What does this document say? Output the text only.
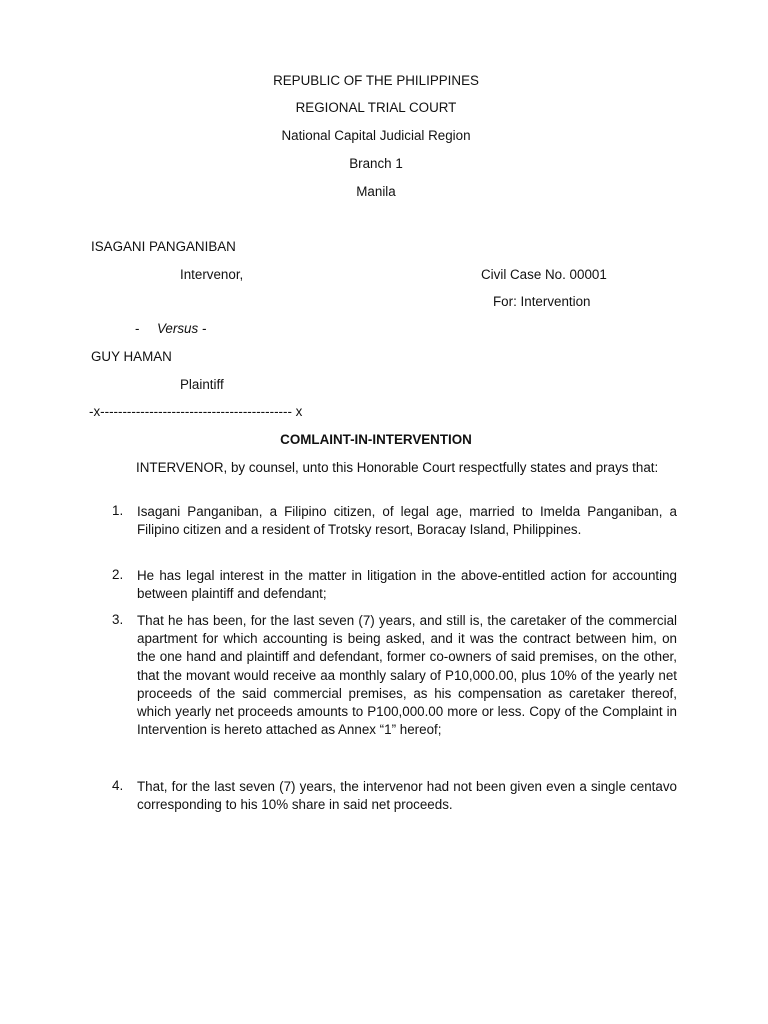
REPUBLIC OF THE PHILIPPINES
REGIONAL TRIAL COURT
National Capital Judicial Region
Branch 1
Manila
ISAGANI PANGANIBAN
Intervenor,	Civil Case No. 00001
For: Intervention
- Versus -
GUY HAMAN
Plaintiff
-x------------------------------------------- x
COMLAINT-IN-INTERVENTION
INTERVENOR, by counsel, unto this Honorable Court respectfully states and prays that:
1. Isagani Panganiban, a Filipino citizen, of legal age, married to Imelda Panganiban, a Filipino citizen and a resident of Trotsky resort, Boracay Island, Philippines.
2. He has legal interest in the matter in litigation in the above-entitled action for accounting between plaintiff and defendant;
3. That he has been, for the last seven (7) years, and still is, the caretaker of the commercial apartment for which accounting is being asked, and it was the contract between him, on the one hand and plaintiff and defendant, former co-owners of said premises, on the other, that the movant would receive aa monthly salary of P10,000.00, plus 10% of the yearly net proceeds of the said commercial premises, as his compensation as caretaker thereof, which yearly net proceeds amounts to P100,000.00 more or less. Copy of the Complaint in Intervention is hereto attached as Annex “1” hereof;
4. That, for the last seven (7) years, the intervenor had not been given even a single centavo corresponding to his 10% share in said net proceeds.
